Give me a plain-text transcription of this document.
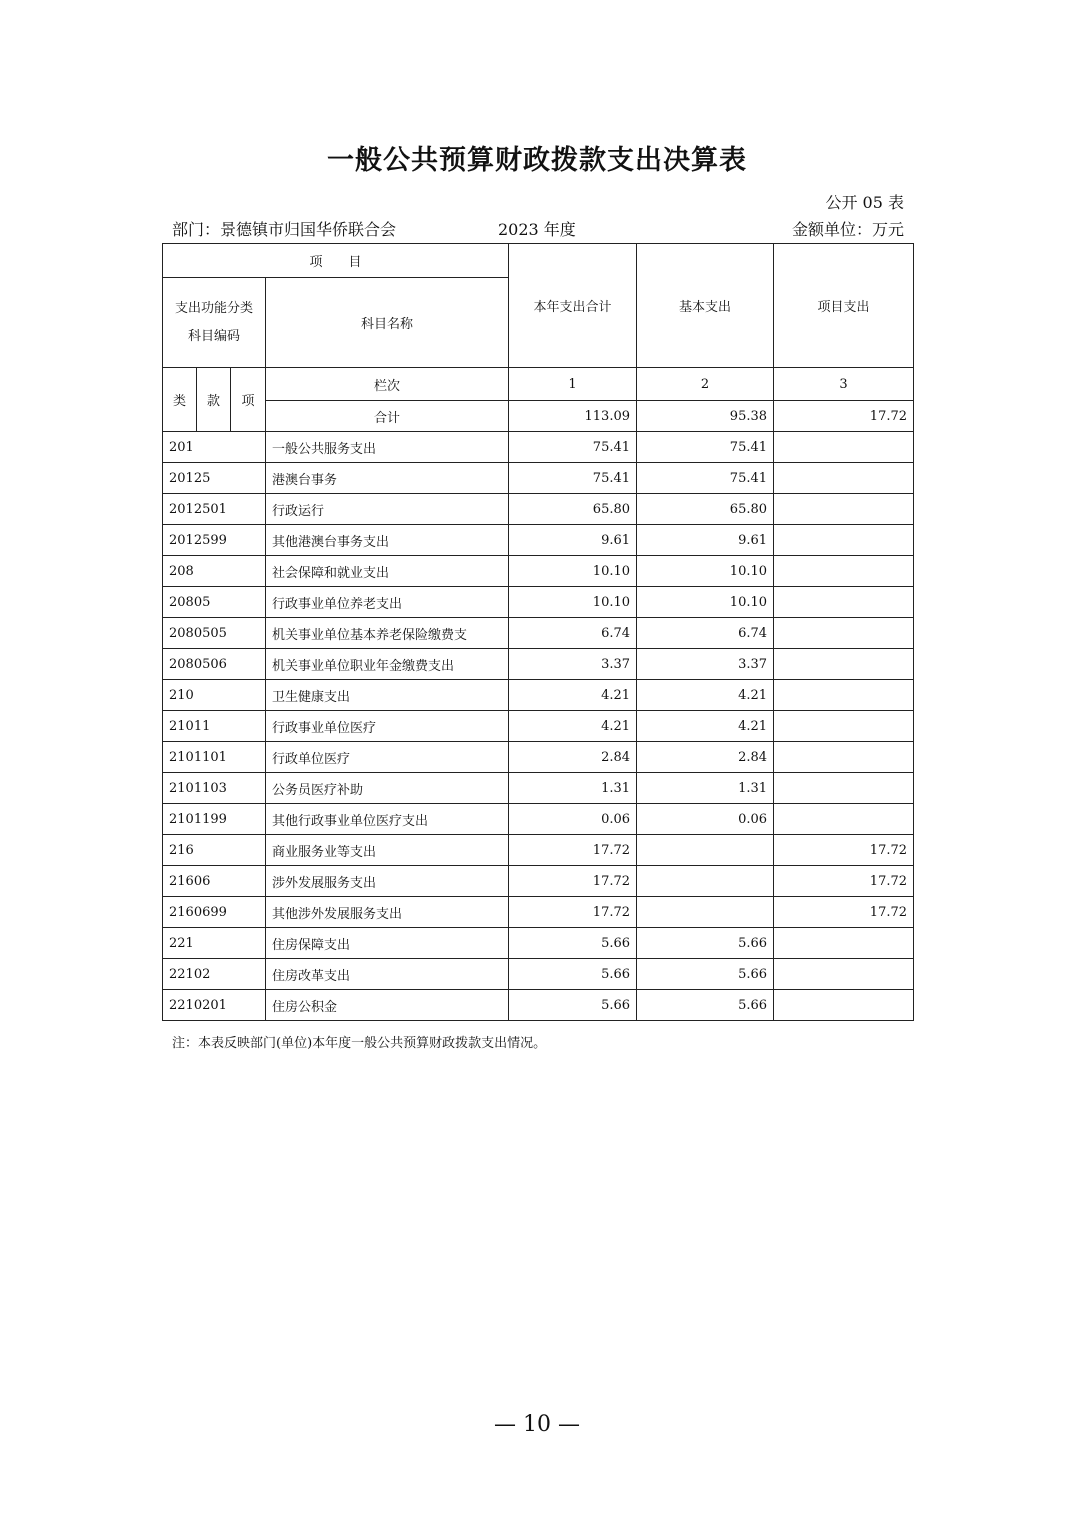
一般公共预算财政拨款支出决算表
公开 05 表
部门：景德镇市归国华侨联合会	2023 年度	金额单位：万元
项　　目				本年支出合计	基本支出	项目支出

支出功能分类
科目编码			科目名称			
类	款	项	栏次	1	2	3
			合计	113.09	95.38	17.72
201			一般公共服务支出	75.41	75.41	
20125			港澳台事务	75.41	75.41	
2012501			行政运行	65.80	65.80	
2012599			其他港澳台事务支出	9.61	9.61	
208			社会保障和就业支出	10.10	10.10	
20805			行政事业单位养老支出	10.10	10.10	
2080505			机关事业单位基本养老保险缴费支	6.74	6.74	
2080506			机关事业单位职业年金缴费支出	3.37	3.37	
210			卫生健康支出	4.21	4.21	
21011			行政事业单位医疗	4.21	4.21	
2101101			行政单位医疗	2.84	2.84	
2101103			公务员医疗补助	1.31	1.31	
2101199			其他行政事业单位医疗支出	0.06	0.06	
216			商业服务业等支出	17.72		17.72
21606			涉外发展服务支出	17.72		17.72
2160699			其他涉外发展服务支出	17.72		17.72
221			住房保障支出	5.66	5.66	
22102			住房改革支出	5.66	5.66	
2210201			住房公积金	5.66	5.66	
注：本表反映部门(单位)本年度一般公共预算财政拨款支出情况。
— 10 —
